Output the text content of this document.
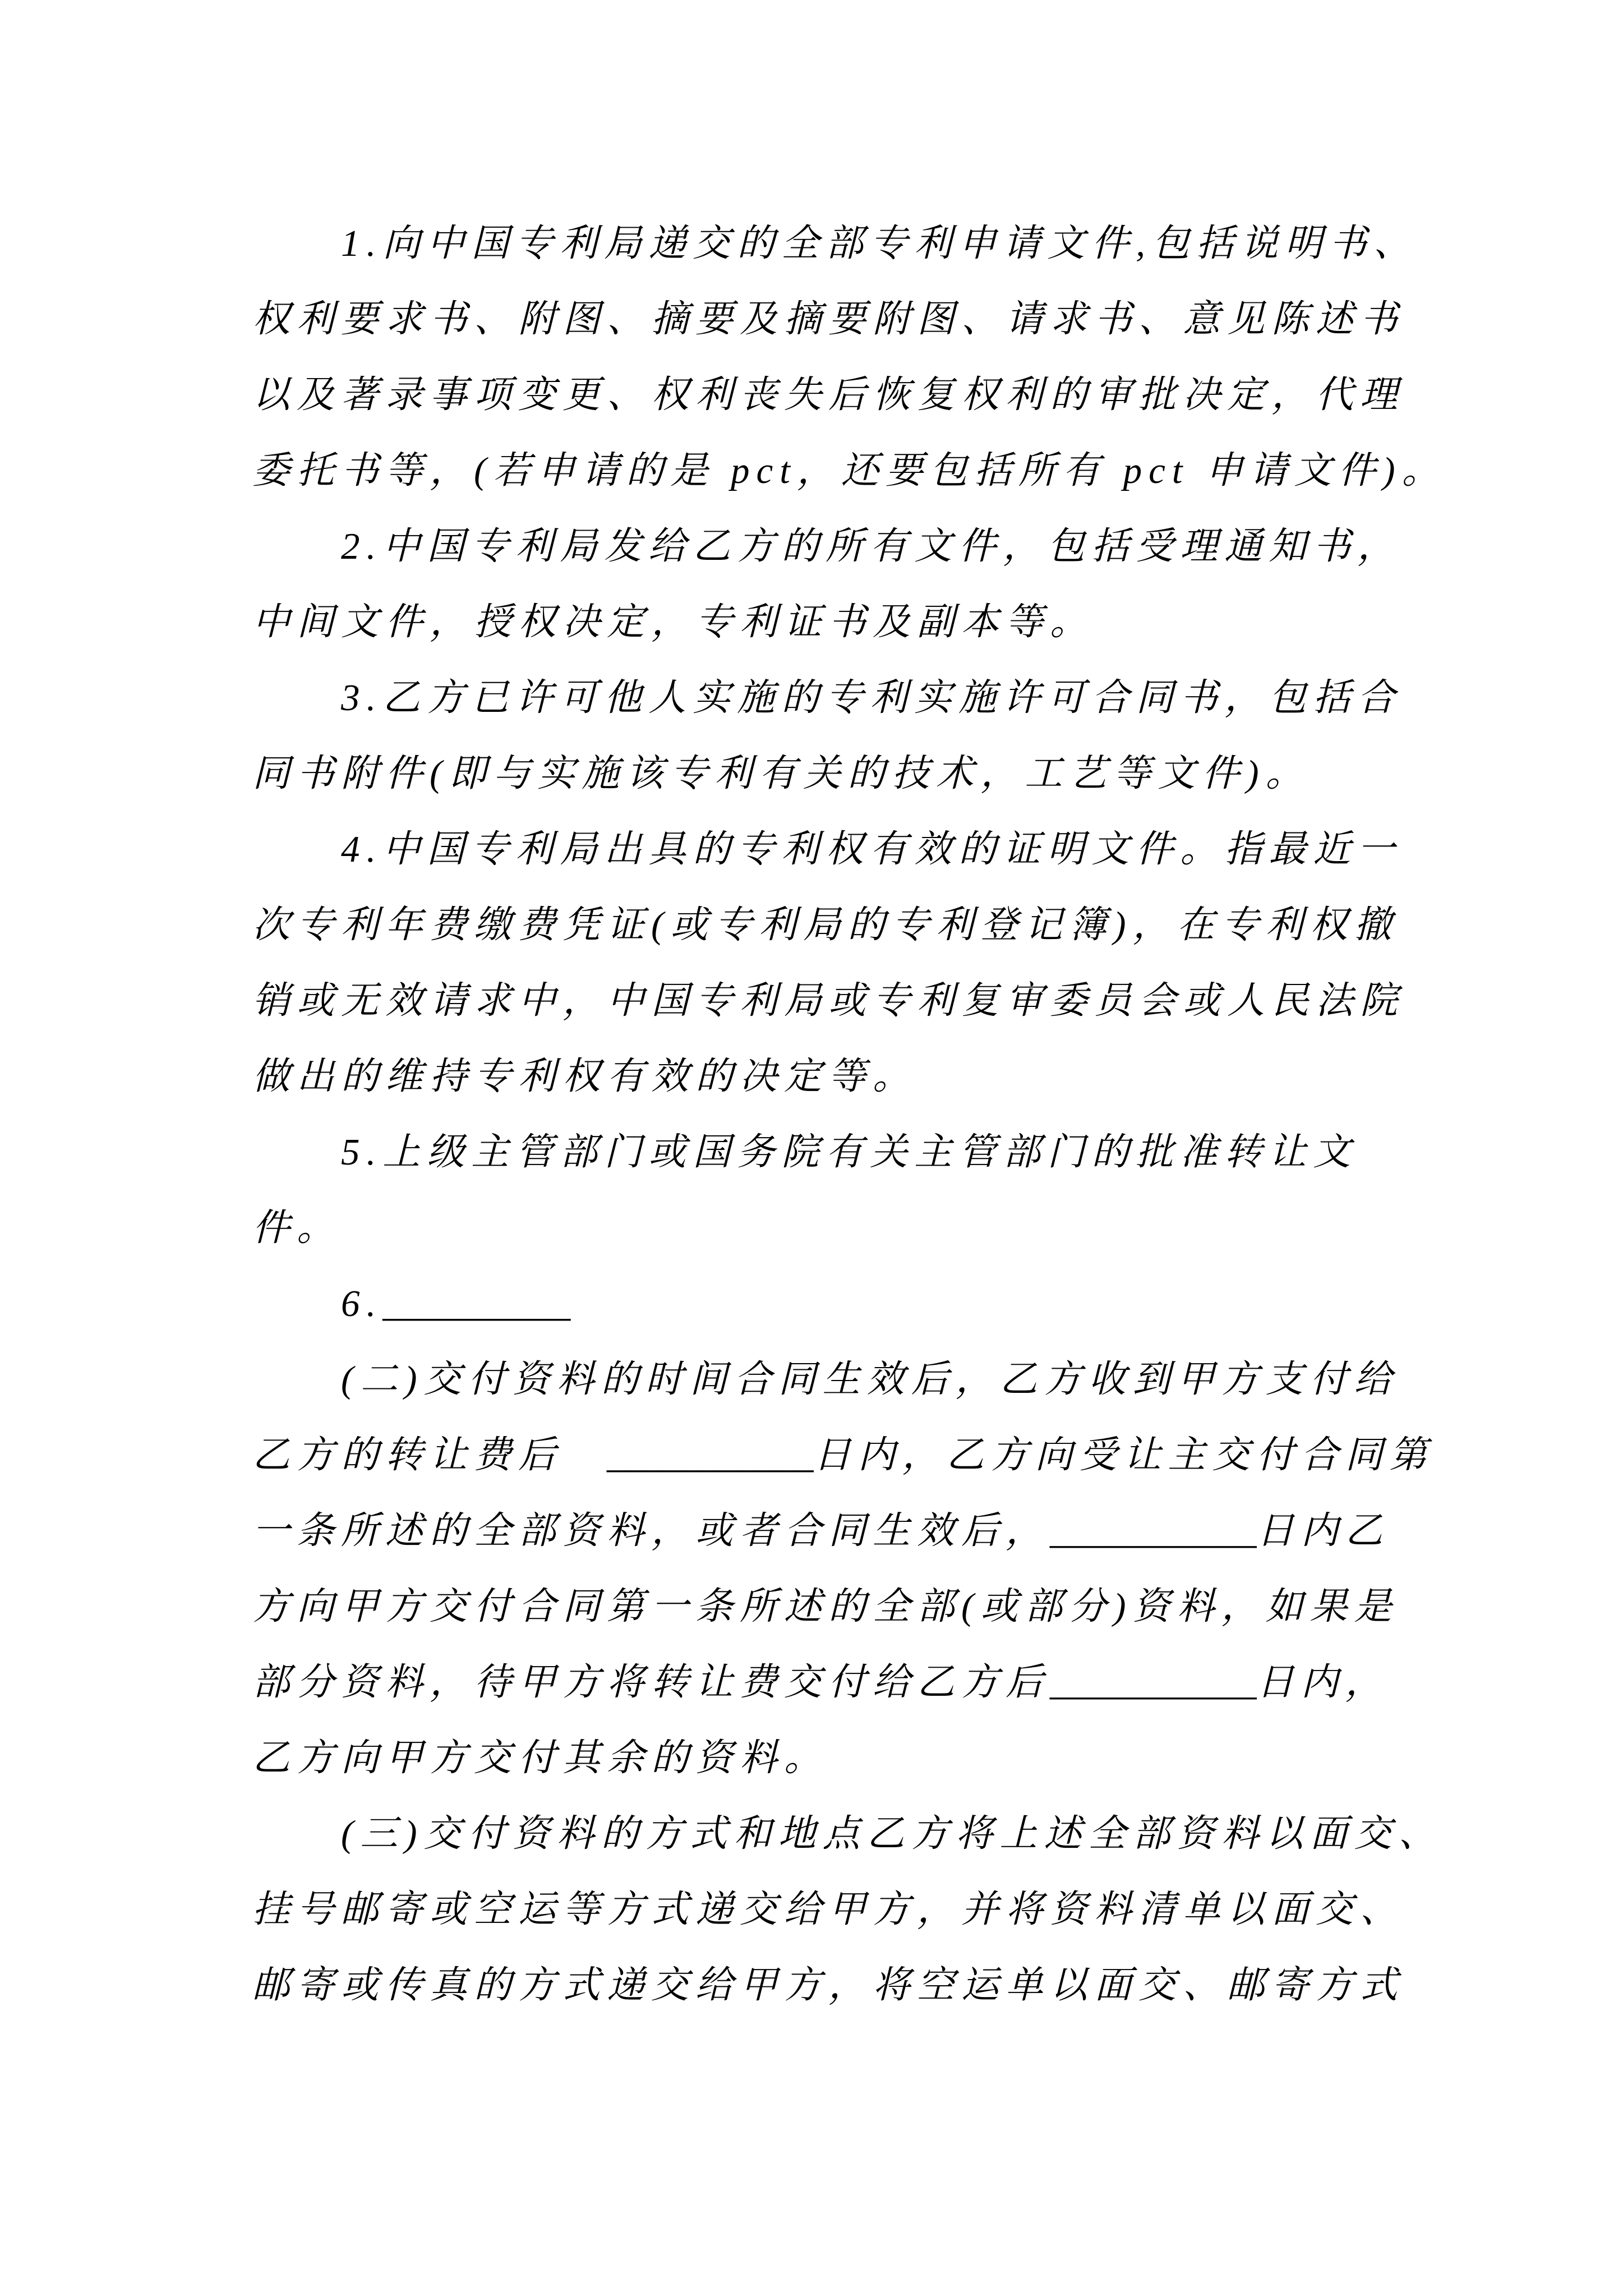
1.向中国专利局递交的全部专利申请文件,包括说明书、
权利要求书、附图、摘要及摘要附图、请求书、意见陈述书
以及著录事项变更、权利丧失后恢复权利的审批决定，代理
委托书等，(若申请的是 pct，还要包括所有 pct 申请文件)。
2.中国专利局发给乙方的所有文件，包括受理通知书，
中间文件，授权决定，专利证书及副本等。
3.乙方已许可他人实施的专利实施许可合同书，包括合
同书附件(即与实施该专利有关的技术，工艺等文件)。
4.中国专利局出具的专利权有效的证明文件。指最近一
次专利年费缴费凭证(或专利局的专利登记簿)，在专利权撤
销或无效请求中，中国专利局或专利复审委员会或人民法院
做出的维持专利权有效的决定等。
5.上级主管部门或国务院有关主管部门的批准转让文
件。
6.__________
(二)交付资料的时间合同生效后，乙方收到甲方支付给
乙方的转让费后　___________日内，乙方向受让主交付合同第
一条所述的全部资料，或者合同生效后，___________日内乙
方向甲方交付合同第一条所述的全部(或部分)资料，如果是
部分资料，待甲方将转让费交付给乙方后___________日内，
乙方向甲方交付其余的资料。
(三)交付资料的方式和地点乙方将上述全部资料以面交、
挂号邮寄或空运等方式递交给甲方，并将资料清单以面交、
邮寄或传真的方式递交给甲方，将空运单以面交、邮寄方式
